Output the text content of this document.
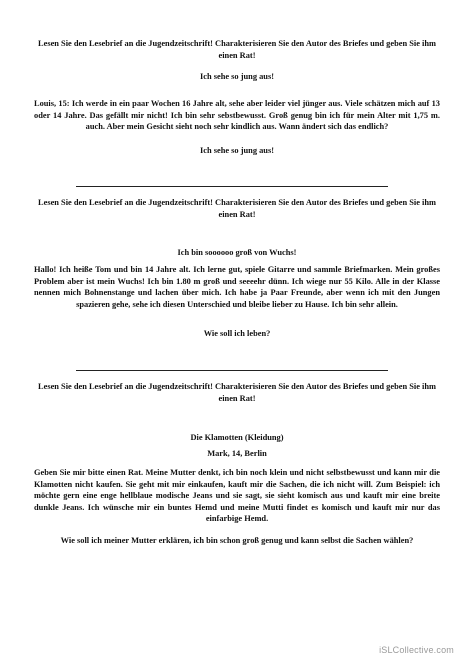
Lesen Sie den Lesebrief an die Jugendzeitschrift! Charakterisieren Sie den Autor des Briefes und geben Sie ihm einen Rat!
Ich sehe so jung aus!
Louis, 15: Ich werde in ein paar Wochen 16 Jahre alt, sehe aber leider viel jünger aus. Viele schätzen mich auf 13 oder 14 Jahre. Das gefällt mir nicht! Ich bin sehr sebstbewusst. Groß genug bin ich für mein Alter mit 1,75 m. auch. Aber mein Gesicht sieht noch sehr kindlich aus. Wann ändert sich das endlich?
Ich sehe so jung aus!
Lesen Sie den Lesebrief an die Jugendzeitschrift! Charakterisieren Sie den Autor des Briefes und geben Sie ihm einen Rat!
Ich bin soooooo groß von Wuchs!
Hallo! Ich heiße Tom und bin 14 Jahre alt. Ich lerne gut, spiele Gitarre und sammle Briefmarken. Mein großes Problem aber ist mein Wuchs! Ich bin 1.80 m groß und seeeehr dünn. Ich wiege nur 55 Kilo. Alle in der Klasse nennen mich Bohnenstange und lachen über mich. Ich habe ja Paar Freunde, aber wenn ich mit den Jungen spazieren gehe, sehe ich diesen Unterschied und bleibe lieber zu Hause. Ich bin sehr allein.
Wie soll ich leben?
Lesen Sie den Lesebrief an die Jugendzeitschrift! Charakterisieren Sie den Autor des Briefes und geben Sie ihm einen Rat!
Die Klamotten (Kleidung)
Mark, 14, Berlin
Geben Sie mir bitte einen Rat. Meine Mutter denkt, ich bin noch klein und nicht selbstbewusst und kann mir die Klamotten nicht kaufen. Sie geht mit mir einkaufen, kauft mir die Sachen, die ich nicht will. Zum Beispiel: ich möchte gern eine enge hellblaue modische Jeans und sie sagt, sie sieht komisch aus und kauft mir eine breite dunkle Jeans. Ich wünsche mir ein buntes Hemd und meine Mutti findet es komisch und kauft mir nur das einfarbige Hemd.
Wie soll ich meiner Mutter erklären, ich bin schon groß genug und kann selbst die Sachen wählen?
iSLCollective.com
